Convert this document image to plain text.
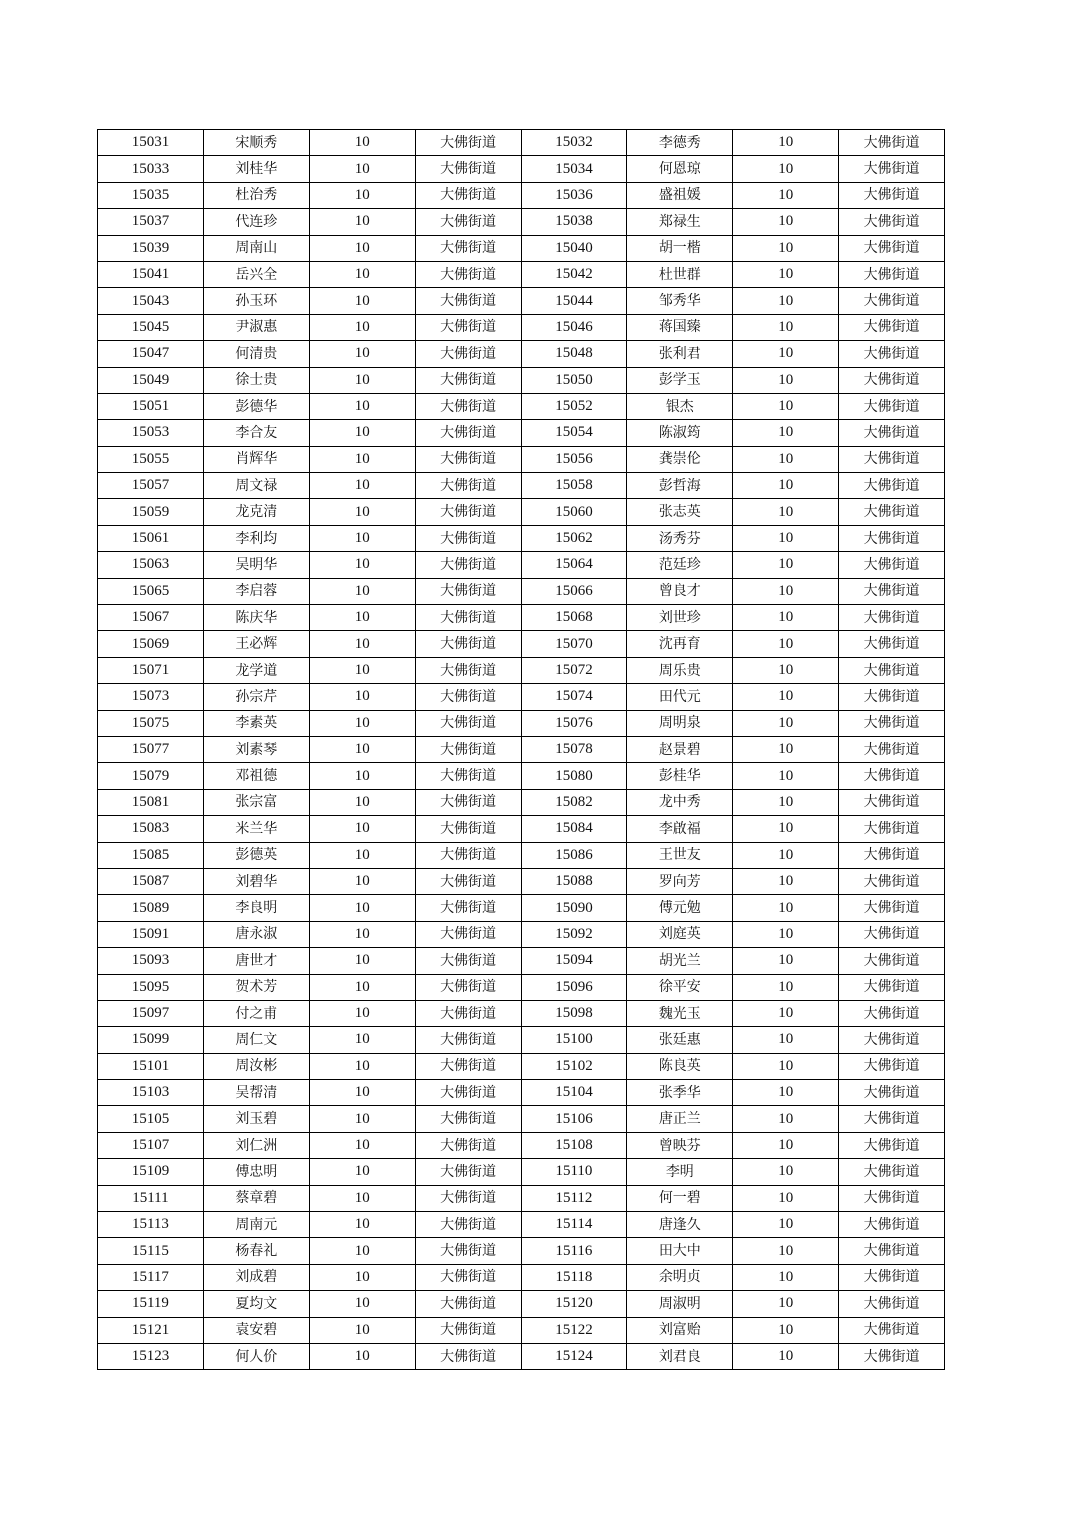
15031	宋顺秀	10	大佛街道	15032	李德秀	10	大佛街道
15033	刘桂华	10	大佛街道	15034	何恩琼	10	大佛街道
15035	杜治秀	10	大佛街道	15036	盛祖媛	10	大佛街道
15037	代连珍	10	大佛街道	15038	郑禄生	10	大佛街道
15039	周南山	10	大佛街道	15040	胡一楷	10	大佛街道
15041	岳兴全	10	大佛街道	15042	杜世群	10	大佛街道
15043	孙玉环	10	大佛街道	15044	邹秀华	10	大佛街道
15045	尹淑惠	10	大佛街道	15046	蒋国臻	10	大佛街道
15047	何清贵	10	大佛街道	15048	张利君	10	大佛街道
15049	徐士贵	10	大佛街道	15050	彭学玉	10	大佛街道
15051	彭德华	10	大佛街道	15052	银杰	10	大佛街道
15053	李合友	10	大佛街道	15054	陈淑筠	10	大佛街道
15055	肖辉华	10	大佛街道	15056	龚崇伦	10	大佛街道
15057	周文禄	10	大佛街道	15058	彭哲海	10	大佛街道
15059	龙克清	10	大佛街道	15060	张志英	10	大佛街道
15061	李利均	10	大佛街道	15062	汤秀芬	10	大佛街道
15063	吴明华	10	大佛街道	15064	范廷珍	10	大佛街道
15065	李启蓉	10	大佛街道	15066	曾良才	10	大佛街道
15067	陈庆华	10	大佛街道	15068	刘世珍	10	大佛街道
15069	王必辉	10	大佛街道	15070	沈再育	10	大佛街道
15071	龙学道	10	大佛街道	15072	周乐贵	10	大佛街道
15073	孙宗芹	10	大佛街道	15074	田代元	10	大佛街道
15075	李素英	10	大佛街道	15076	周明泉	10	大佛街道
15077	刘素琴	10	大佛街道	15078	赵景碧	10	大佛街道
15079	邓祖德	10	大佛街道	15080	彭桂华	10	大佛街道
15081	张宗富	10	大佛街道	15082	龙中秀	10	大佛街道
15083	米兰华	10	大佛街道	15084	李啟福	10	大佛街道
15085	彭德英	10	大佛街道	15086	王世友	10	大佛街道
15087	刘碧华	10	大佛街道	15088	罗向芳	10	大佛街道
15089	李良明	10	大佛街道	15090	傅元勉	10	大佛街道
15091	唐永淑	10	大佛街道	15092	刘庭英	10	大佛街道
15093	唐世才	10	大佛街道	15094	胡光兰	10	大佛街道
15095	贺术芳	10	大佛街道	15096	徐平安	10	大佛街道
15097	付之甫	10	大佛街道	15098	魏光玉	10	大佛街道
15099	周仁文	10	大佛街道	15100	张廷惠	10	大佛街道
15101	周汝彬	10	大佛街道	15102	陈良英	10	大佛街道
15103	吴帮清	10	大佛街道	15104	张季华	10	大佛街道
15105	刘玉碧	10	大佛街道	15106	唐正兰	10	大佛街道
15107	刘仁洲	10	大佛街道	15108	曾映芬	10	大佛街道
15109	傅忠明	10	大佛街道	15110	李明	10	大佛街道
15111	蔡章碧	10	大佛街道	15112	何一碧	10	大佛街道
15113	周南元	10	大佛街道	15114	唐逢久	10	大佛街道
15115	杨春礼	10	大佛街道	15116	田大中	10	大佛街道
15117	刘成碧	10	大佛街道	15118	余明贞	10	大佛街道
15119	夏均文	10	大佛街道	15120	周淑明	10	大佛街道
15121	袁安碧	10	大佛街道	15122	刘富贻	10	大佛街道
15123	何人价	10	大佛街道	15124	刘君良	10	大佛街道
